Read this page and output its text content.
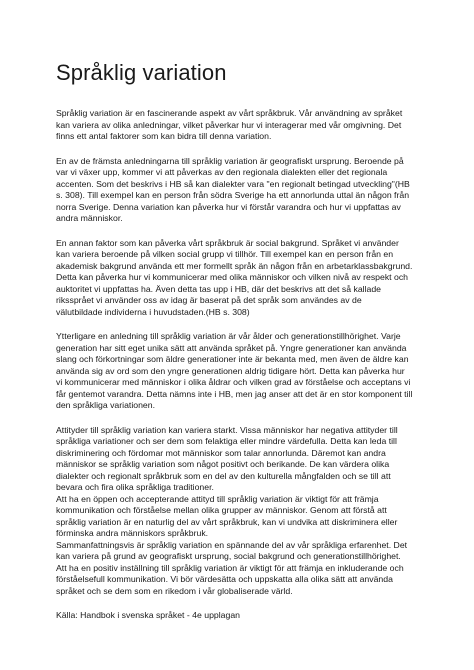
Språklig variation

Språklig variation är en fascinerande aspekt av vårt språkbruk. Vår användning av språket
kan variera av olika anledningar, vilket påverkar hur vi interagerar med vår omgivning. Det
finns ett antal faktorer som kan bidra till denna variation.

En av de främsta anledningarna till språklig variation är geografiskt ursprung. Beroende på
var vi växer upp, kommer vi att påverkas av den regionala dialekten eller det regionala
accenten. Som det beskrivs i HB så kan dialekter vara "en regionalt betingad utveckling"(HB
s. 308). Till exempel kan en person från södra Sverige ha ett annorlunda uttal än någon från
norra Sverige. Denna variation kan påverka hur vi förstår varandra och hur vi uppfattas av
andra människor.

En annan faktor som kan påverka vårt språkbruk är social bakgrund. Språket vi använder
kan variera beroende på vilken social grupp vi tillhör. Till exempel kan en person från en
akademisk bakgrund använda ett mer formellt språk än någon från en arbetarklassbakgrund.
Detta kan påverka hur vi kommunicerar med olika människor och vilken nivå av respekt och
auktoritet vi uppfattas ha. Även detta tas upp i HB, där det beskrivs att det så kallade
rikssprået vi använder oss av idag är baserat på det språk som användes av de
välutbildade individerna i huvudstaden.(HB s. 308)

Ytterligare en anledning till språklig variation är vår ålder och generationstillhörighet. Varje
generation har sitt eget unika sätt att använda språket på. Yngre generationer kan använda
slang och förkortningar som äldre generationer inte är bekanta med, men även de äldre kan
använda sig av ord som den yngre generationen aldrig tidigare hört. Detta kan påverka hur
vi kommunicerar med människor i olika åldrar och vilken grad av förståelse och acceptans vi
får gentemot varandra. Detta nämns inte i HB, men jag anser att det är en stor komponent till
den språkliga variationen.

Attityder till språklig variation kan variera starkt. Vissa människor har negativa attityder till
språkliga variationer och ser dem som felaktiga eller mindre värdefulla. Detta kan leda till
diskriminering och fördomar mot människor som talar annorlunda. Däremot kan andra
människor se språklig variation som något positivt och berikande. De kan värdera olika
dialekter och regionalt språkbruk som en del av den kulturella mångfalden och se till att
bevara och fira olika språkliga traditioner.
Att ha en öppen och accepterande attityd till språklig variation är viktigt för att främja
kommunikation och förståelse mellan olika grupper av människor. Genom att förstå att
språklig variation är en naturlig del av vårt språkbruk, kan vi undvika att diskriminera eller
förminska andra människors språkbruk.
Sammanfattningsvis är språklig variation en spännande del av vår språkliga erfarenhet. Det
kan variera på grund av geografiskt ursprung, social bakgrund och generationstillhörighet.
Att ha en positiv inställning till språklig variation är viktigt för att främja en inkluderande och
förståelsefull kommunikation. Vi bör värdesätta och uppskatta alla olika sätt att använda
språket och se dem som en rikedom i vår globaliserade värld.

Källa: Handbok i svenska språket - 4e upplagan
